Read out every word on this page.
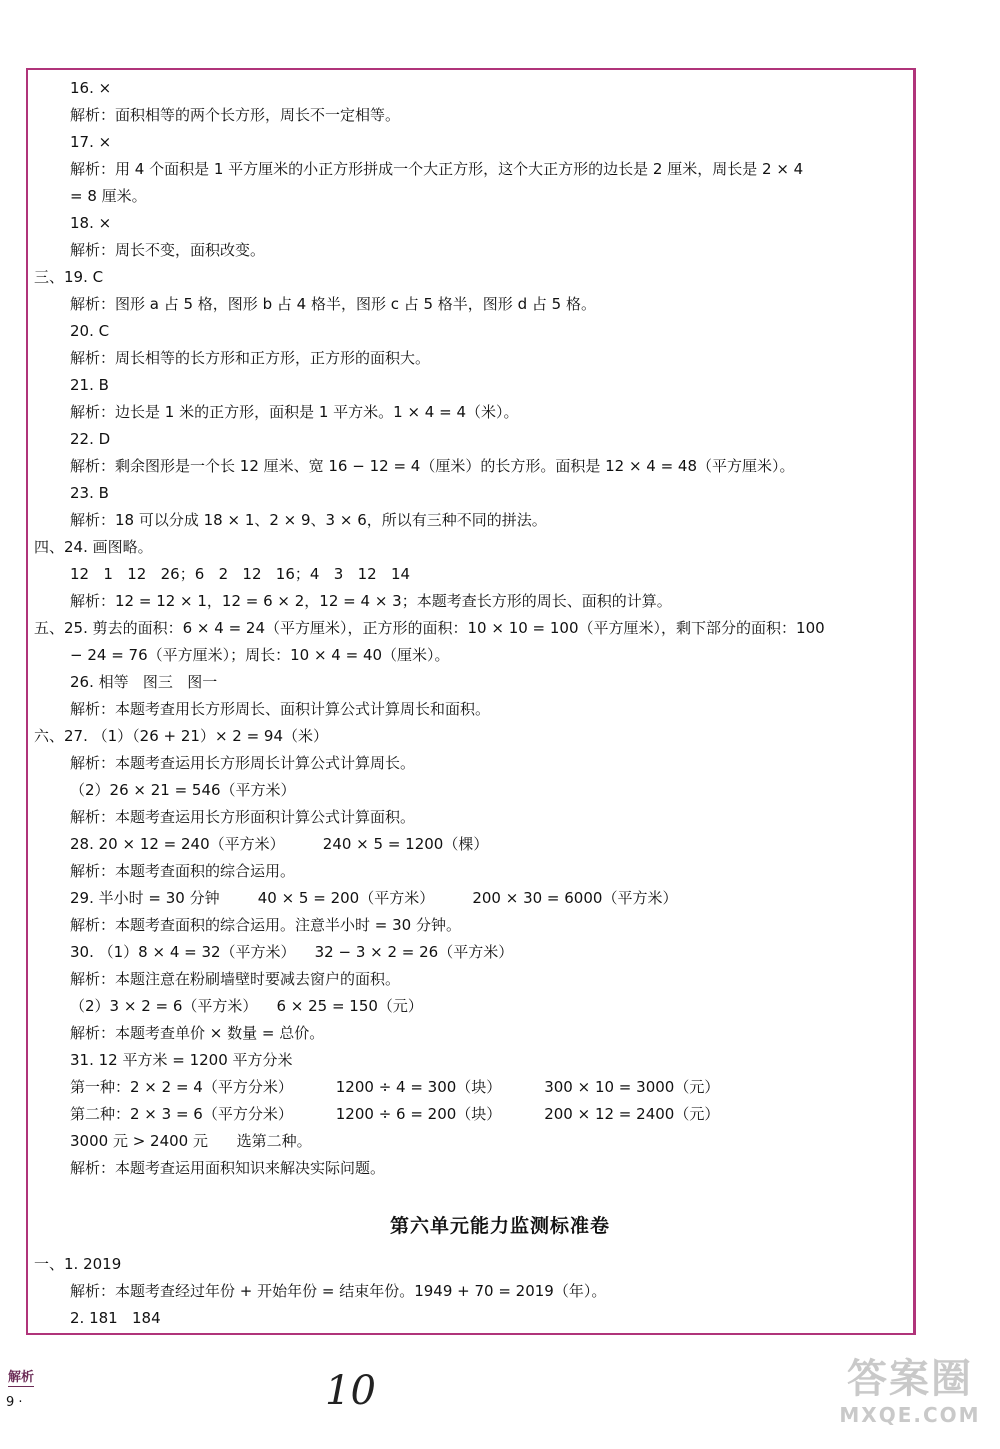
16. ×
解析：面积相等的两个长方形，周长不一定相等。
17. ×
解析：用 4 个面积是 1 平方厘米的小正方形拼成一个大正方形，这个大正方形的边长是 2 厘米，周长是 2 × 4
= 8 厘米。
18. ×
解析：周长不变，面积改变。
三、19. C
解析：图形 a 占 5 格，图形 b 占 4 格半，图形 c 占 5 格半，图形 d 占 5 格。
20. C
解析：周长相等的长方形和正方形，正方形的面积大。
21. B
解析：边长是 1 米的正方形，面积是 1 平方米。1 × 4 = 4（米）。
22. D
解析：剩余图形是一个长 12 厘米、宽 16 − 12 = 4（厘米）的长方形。面积是 12 × 4 = 48（平方厘米）。
23. B
解析：18 可以分成 18 × 1、2 × 9、3 × 6，所以有三种不同的拼法。
四、24. 画图略。
12   1   12   26；6   2   12   16；4   3   12   14
解析：12 = 12 × 1，12 = 6 × 2，12 = 4 × 3；本题考查长方形的周长、面积的计算。
五、25. 剪去的面积：6 × 4 = 24（平方厘米），正方形的面积：10 × 10 = 100（平方厘米），剩下部分的面积：100
− 24 = 76（平方厘米）；周长：10 × 4 = 40（厘米）。
26. 相等   图三   图一
解析：本题考查用长方形周长、面积计算公式计算周长和面积。
六、27. （1）（26 + 21）× 2 = 94（米）
解析：本题考查运用长方形周长计算公式计算周长。
（2）26 × 21 = 546（平方米）
解析：本题考查运用长方形面积计算公式计算面积。
28. 20 × 12 = 240（平方米）        240 × 5 = 1200（棵）
解析：本题考查面积的综合运用。
29. 半小时 = 30 分钟        40 × 5 = 200（平方米）        200 × 30 = 6000（平方米）
解析：本题考查面积的综合运用。注意半小时 = 30 分钟。
30. （1）8 × 4 = 32（平方米）    32 − 3 × 2 = 26（平方米）
解析：本题注意在粉刷墙壁时要减去窗户的面积。
（2）3 × 2 = 6（平方米）    6 × 25 = 150（元）
解析：本题考查单价 × 数量 = 总价。
31. 12 平方米 = 1200 平方分米
第一种：2 × 2 = 4（平方分米）         1200 ÷ 4 = 300（块）         300 × 10 = 3000（元）
第二种：2 × 3 = 6（平方分米）         1200 ÷ 6 = 200（块）         200 × 12 = 2400（元）
3000 元 > 2400 元      选第二种。
解析：本题考查运用面积知识来解决实际问题。
第六单元能力监测标准卷
一、1. 2019
解析：本题考查经过年份 + 开始年份 = 结束年份。1949 + 70 = 2019（年）。
2. 181   184
解析
9 ·	10	答案圈
MXQE.COM
